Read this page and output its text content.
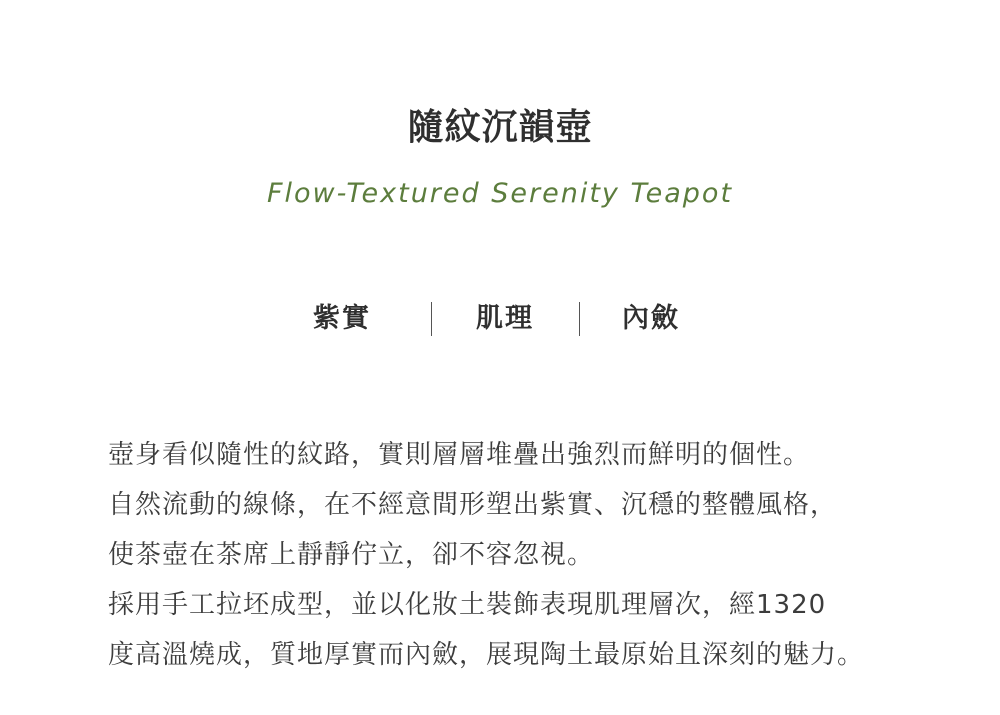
隨紋沉韻壺
Flow-Textured Serenity Teapot
紫實	肌理	內斂
壺身看似隨性的紋路，實則層層堆疊出強烈而鮮明的個性。
自然流動的線條，在不經意間形塑出紫實、沉穩的整體風格，
使茶壺在茶席上靜靜佇立，卻不容忽視。
採用手工拉坯成型，並以化妝土裝飾表現肌理層次，經1320
度高溫燒成，質地厚實而內斂，展現陶土最原始且深刻的魅力。
